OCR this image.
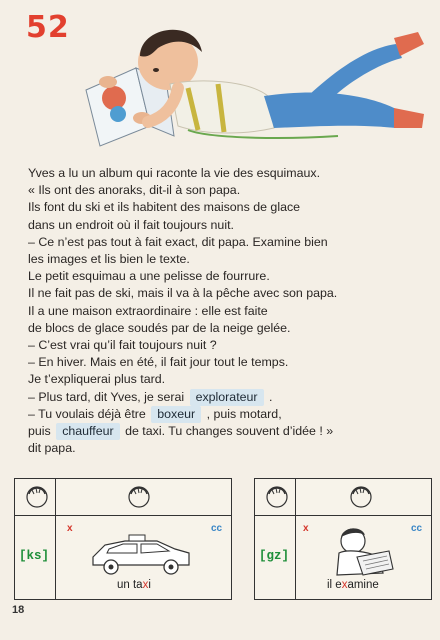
52
Yves a lu un album qui raconte la vie des esquimaux.
« Ils ont des anoraks, dit-il à son papa.
Ils font du ski et ils habitent des maisons de glace
dans un endroit où il fait toujours nuit.
– Ce n’est pas tout à fait exact, dit papa. Examine bien
les images et lis bien le texte.
Le petit esquimau a une pelisse de fourrure.
Il ne fait pas de ski, mais il va à la pêche avec son papa.
Il a une maison extraordinaire : elle est faite
de blocs de glace soudés par de la neige gelée.
– C’est vrai qu’il fait toujours nuit ?
– En hiver. Mais en été, il fait jour tout le temps.
Je t’expliquerai plus tard.
– Plus tard, dit Yves, je serai explorateur .
– Tu voulais déjà être boxeur , puis motard,
puis chauffeur de taxi. Tu changes souvent d’idée ! »
dit papa.
[ks]
x	cc
un taxi
[gz]
x	cc
il examine
18
